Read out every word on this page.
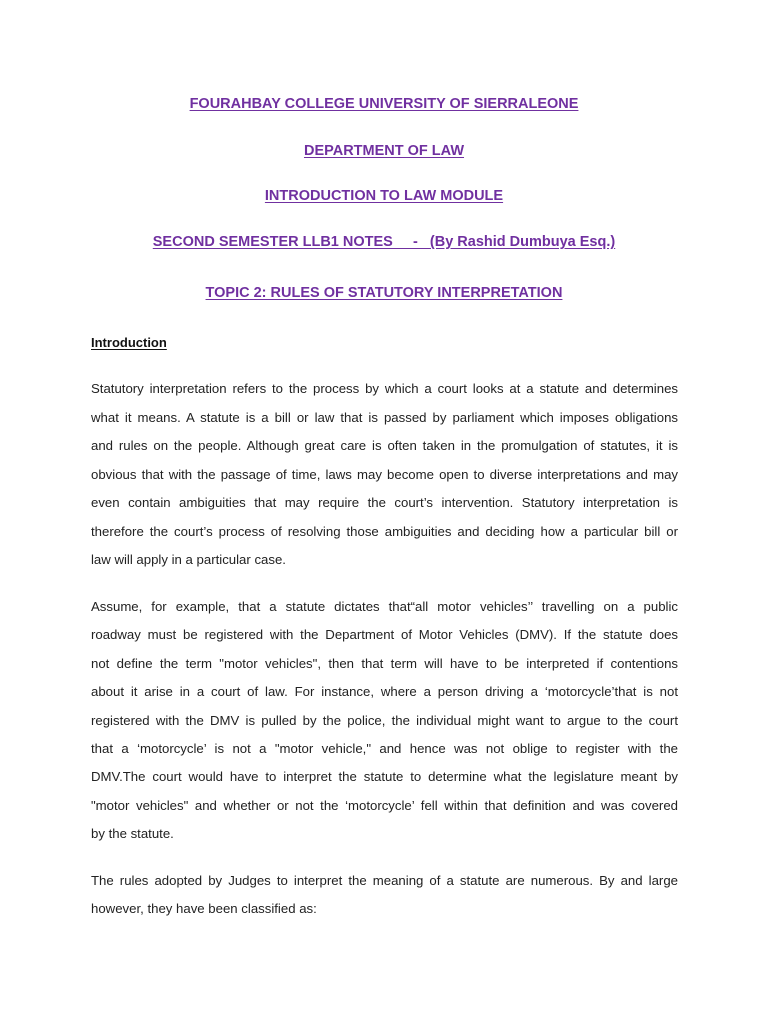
FOURAHBAY COLLEGE UNIVERSITY OF SIERRALEONE
DEPARTMENT OF LAW
INTRODUCTION TO LAW MODULE
SECOND SEMESTER LLB1 NOTES     -   (By Rashid Dumbuya Esq.)
TOPIC 2: RULES OF STATUTORY INTERPRETATION
Introduction
Statutory interpretation refers to the process by which a court looks at a statute and determines
what it means. A statute is a bill or law that is passed by parliament which imposes obligations
and rules on the people. Although great care is often taken in the promulgation of statutes, it is
obvious that with the passage of time, laws may become open to diverse interpretations and may
even contain ambiguities that may require the court’s intervention. Statutory interpretation is
therefore the court’s process of resolving those ambiguities and deciding how a particular bill or
law will apply in a particular case.
Assume, for example, that a statute dictates that“all motor vehicles’’ travelling on a public
roadway must be registered with the Department of Motor Vehicles (DMV). If the statute does
not define the term "motor vehicles", then that term will have to be interpreted if contentions
about it arise in a court of law. For instance, where a person driving a ‘motorcycle’that is not
registered with the DMV is pulled by the police, the individual might want to argue to the court
that a ‘motorcycle’ is not a "motor vehicle," and hence was not oblige to register with the
DMV.The court would have to interpret the statute to determine what the legislature meant by
"motor vehicles" and whether or not the ‘motorcycle’ fell within that definition and was covered
by the statute.
The rules adopted by Judges to interpret the meaning of a statute are numerous. By and large
however, they have been classified as:
